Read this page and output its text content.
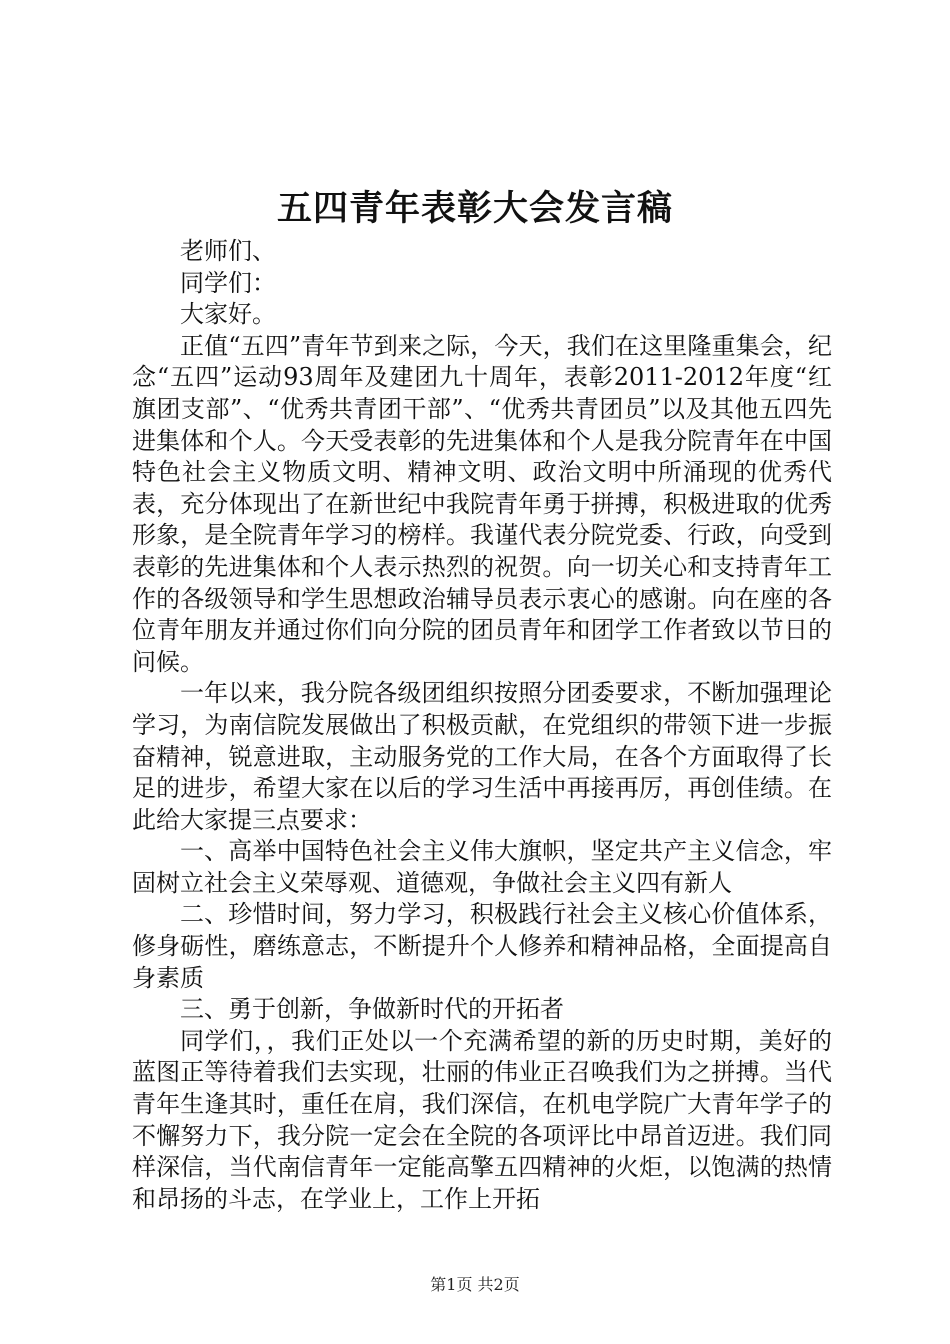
五四青年表彰大会发言稿

老师们、

同学们：

大家好。

正值“五四”青年节到来之际，今天，我们在这里隆重集会，纪念“五四”运动93周年及建团九十周年，表彰2011-2012年度“红旗团支部”、“优秀共青团干部”、“优秀共青团员”以及其他五四先进集体和个人。今天受表彰的先进集体和个人是我分院青年在中国特色社会主义物质文明、精神文明、政治文明中所涌现的优秀代表，充分体现出了在新世纪中我院青年勇于拼搏，积极进取的优秀形象，是全院青年学习的榜样。我谨代表分院党委、行政，向受到表彰的先进集体和个人表示热烈的祝贺。向一切关心和支持青年工作的各级领导和学生思想政治辅导员表示衷心的感谢。向在座的各位青年朋友并通过你们向分院的团员青年和团学工作者致以节日的问候。

一年以来，我分院各级团组织按照分团委要求，不断加强理论学习，为南信院发展做出了积极贡献，在党组织的带领下进一步振奋精神，锐意进取，主动服务党的工作大局，在各个方面取得了长足的进步，希望大家在以后的学习生活中再接再厉，再创佳绩。在此给大家提三点要求：

一、高举中国特色社会主义伟大旗帜，坚定共产主义信念，牢固树立社会主义荣辱观、道德观，争做社会主义四有新人

二、珍惜时间，努力学习，积极践行社会主义核心价值体系，修身砺性，磨练意志，不断提升个人修养和精神品格，全面提高自身素质

三、勇于创新，争做新时代的开拓者

同学们，，我们正处以一个充满希望的新的历史时期，美好的蓝图正等待着我们去实现，壮丽的伟业正召唤我们为之拼搏。当代青年生逢其时，重任在肩，我们深信，在机电学院广大青年学子的不懈努力下，我分院一定会在全院的各项评比中昂首迈进。我们同样深信，当代南信青年一定能高擎五四精神的火炬，以饱满的热情和昂扬的斗志，在学业上，工作上开拓

第1页 共2页
